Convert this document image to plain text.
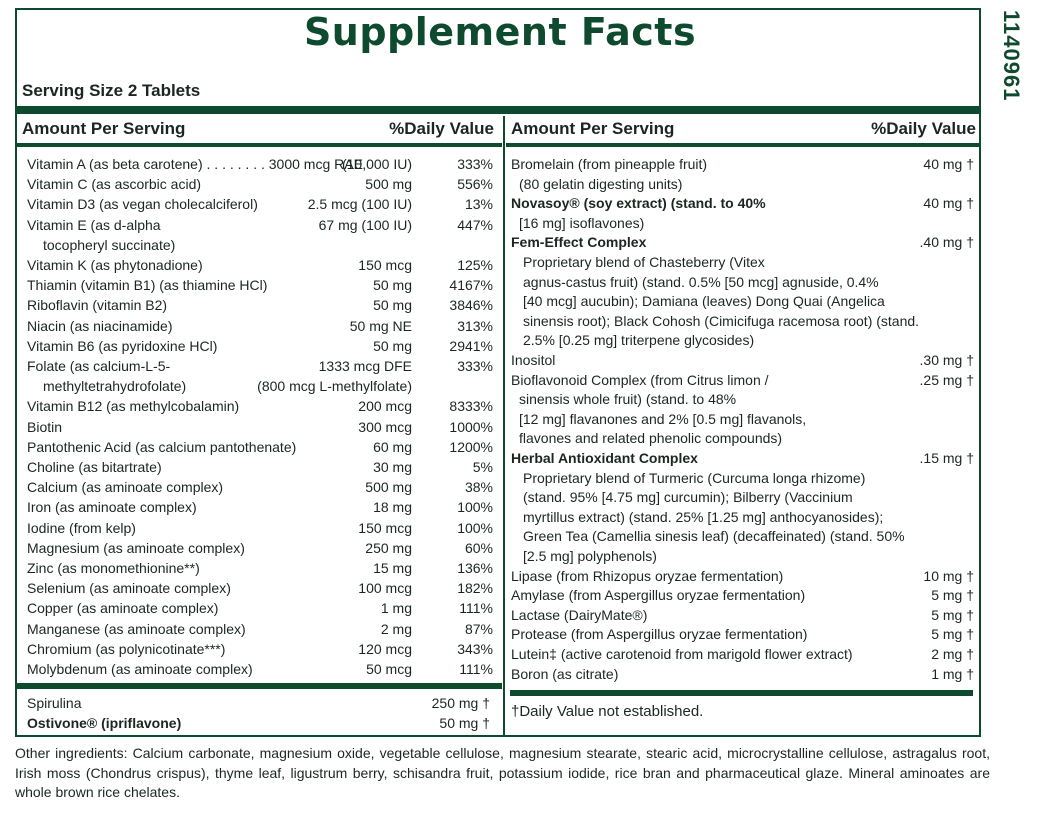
Supplement Facts	1140961
Serving Size 2 Tablets
Amount Per Serving	%Daily Value Amount Per Serving	%Daily Value
Vitamin A (as beta carotene) . . . . . . . . 3000 mcg RAE
(10,000 IU)	333%
Vitamin C (as ascorbic acid)	500 mg	556%
Vitamin D3 (as vegan cholecalciferol)	2.5 mcg (100 IU)	13%
Vitamin E (as d-alpha	67 mg (100 IU)	447%
tocopheryl succinate)
Vitamin K (as phytonadione)	150 mcg	125%
Thiamin (vitamin B1) (as thiamine HCl)	50 mg	4167%
Riboflavin (vitamin B2)	50 mg	3846%
Niacin (as niacinamide)	50 mg NE	313%
Vitamin B6 (as pyridoxine HCl)	50 mg	2941%
Folate (as calcium-L-5-	1333 mcg DFE	333%
methyltetrahydrofolate)	(800 mcg L-methylfolate)
Vitamin B12 (as methylcobalamin)	200 mcg	8333%
Biotin	300 mcg	1000%
Pantothenic Acid (as calcium pantothenate)	60 mg	1200%
Choline (as bitartrate)	30 mg	5%
Calcium (as aminoate complex)	500 mg	38%
Iron (as aminoate complex)	18 mg	100%
Iodine (from kelp)	150 mcg	100%
Magnesium (as aminoate complex)	250 mg	60%
Zinc (as monomethionine**)	15 mg	136%
Selenium (as aminoate complex)	100 mcg	182%
Copper (as aminoate complex)	1 mg	111%
Manganese (as aminoate complex)	2 mg	87%
Chromium (as polynicotinate***)	120 mcg	343%
Molybdenum (as aminoate complex)	50 mcg	111%
Spirulina	250 mg †
Ostivone® (ipriflavone)	50 mg †
Bromelain (from pineapple fruit)	40 mg †
(80 gelatin digesting units)
Novasoy® (soy extract) (stand. to 40%	40 mg †
[16 mg] isoflavones)
Fem-Effect Complex	.40 mg †
Proprietary blend of Chasteberry (Vitex
agnus-castus fruit) (stand. 0.5% [50 mcg] agnuside, 0.4%
[40 mcg] aucubin); Damiana (leaves) Dong Quai (Angelica
sinensis root); Black Cohosh (Cimicifuga racemosa root) (stand.
2.5% [0.25 mg] triterpene glycosides)
Inositol	.30 mg †
Bioflavonoid Complex (from Citrus limon /	.25 mg †
sinensis whole fruit) (stand. to 48%
[12 mg] flavanones and 2% [0.5 mg] flavanols,
flavones and related phenolic compounds)
Herbal Antioxidant Complex	.15 mg †
Proprietary blend of Turmeric (Curcuma longa rhizome)
(stand. 95% [4.75 mg] curcumin); Bilberry (Vaccinium
myrtillus extract) (stand. 25% [1.25 mg] anthocyanosides);
Green Tea (Camellia sinesis leaf) (decaffeinated) (stand. 50%
[2.5 mg] polyphenols)
Lipase (from Rhizopus oryzae fermentation)	10 mg †
Amylase (from Aspergillus oryzae fermentation)	5 mg †
Lactase (DairyMate®)	5 mg †
Protease (from Aspergillus oryzae fermentation)	5 mg †
Lutein‡ (active carotenoid from marigold flower extract)	2 mg †
Boron (as citrate)	1 mg †
†Daily Value not established.
Other ingredients: Calcium carbonate, magnesium oxide, vegetable cellulose, magnesium stearate, stearic acid, microcrystalline cellulose, astragalus root, Irish moss (Chondrus crispus), thyme leaf, ligustrum berry, schisandra fruit, potassium iodide, rice bran and pharmaceutical glaze. Mineral aminoates are whole brown rice chelates.
